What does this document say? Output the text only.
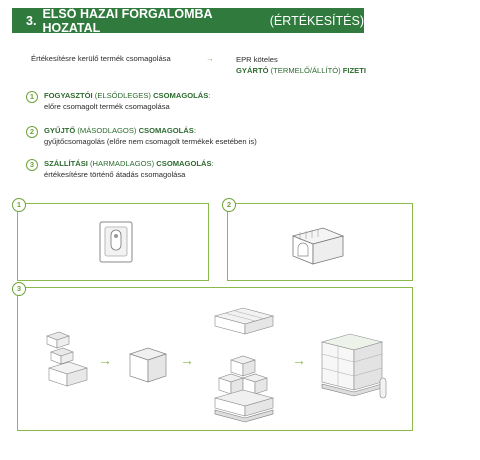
3. ELSŐ HAZAI FORGALOMBA HOZATAL	(ÉRTÉKESÍTÉS)
Értékesítésre kerülő termék csomagolása	→	EPR köteles
GYÁRTÓ (TERMELŐ/ÁLLÍTÓ) FIZETI
1	FOGYASZTÓI (ELSŐDLEGES) CSOMAGOLÁS:
előre csomagolt termék csomagolása
2	GYŰJTŐ (MÁSODLAGOS) CSOMAGOLÁS:
gyűjtőcsomagolás (előre nem csomagolt termékek esetében is)
3	SZÁLLÍTÁSI (HARMADLAGOS) CSOMAGOLÁS:
értékesítésre történő átadás csomagolása
1	2
3
→	→	→
